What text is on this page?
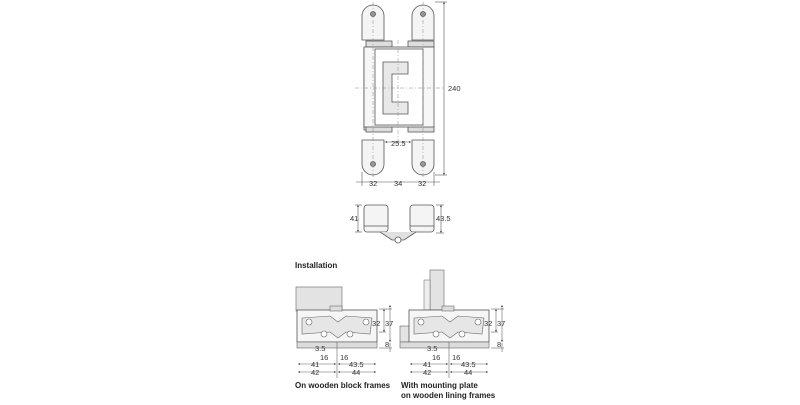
240
25.5
32 34 32
41	43.5
32 37
8
3.5
16 16
41	43.5
42	44
32 37
8
3.5
16 16
41	43.5
42	44
Installation
On wooden block frames With mounting plate
on wooden lining frames
